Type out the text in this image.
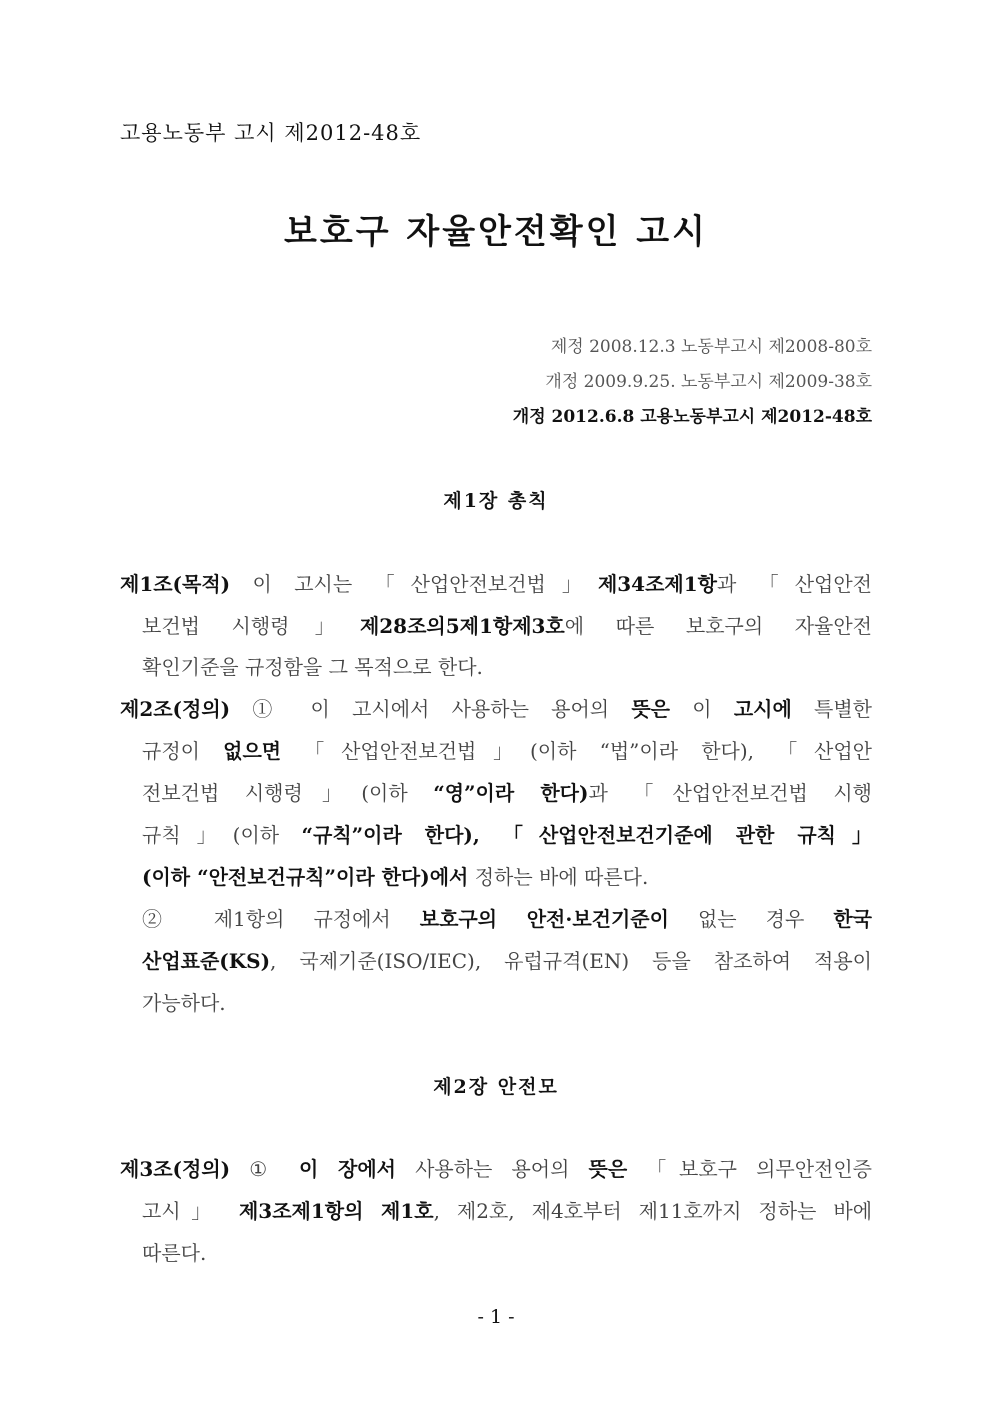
고용노동부 고시 제2012-48호
보호구 자율안전확인 고시
제정 2008.12.3 노동부고시 제2008-80호
개정 2009.9.25. 노동부고시 제2009-38호
개정 2012.6.8 고용노동부고시 제2012-48호
제1장 총칙
제1조(목적) 이 고시는 「산업안전보건법」제34조제1항과 「산업안전
보건법 시행령」제28조의5제1항제3호에 따른 보호구의 자율안전
확인기준을 규정함을 그 목적으로 한다.
제2조(정의) ① 이 고시에서 사용하는 용어의 뜻은 이 고시에 특별한
규정이 없으면 「산업안전보건법」(이하 “법”이라 한다), 「산업안
전보건법 시행령」(이하 “영”이라 한다)과 「산업안전보건법 시행
규칙」(이하 “규칙”이라 한다), 「산업안전보건기준에 관한 규칙」
(이하 “안전보건규칙”이라 한다)에서 정하는 바에 따른다.
② 제1항의 규정에서 보호구의 안전·보건기준이 없는 경우 한국
산업표준(KS), 국제기준(ISO/IEC), 유럽규격(EN) 등을 참조하여 적용이
가능하다.
제2장 안전모
제3조(정의) ① 이 장에서 사용하는 용어의 뜻은 「보호구 의무안전인증
고시」 제3조제1항의 제1호, 제2호, 제4호부터 제11호까지 정하는 바에
따른다.
- 1 -
